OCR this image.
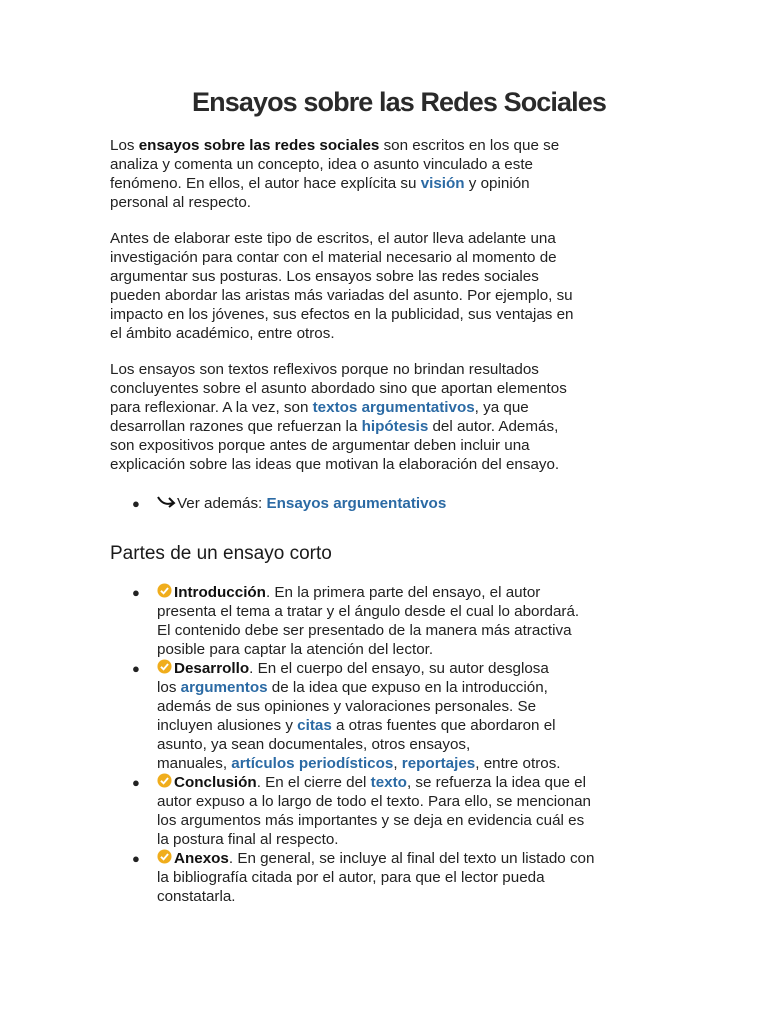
Ensayos sobre las Redes Sociales

Los ensayos sobre las redes sociales son escritos en los que se
analiza y comenta un concepto, idea o asunto vinculado a este
fenómeno. En ellos, el autor hace explícita su visión y opinión
personal al respecto.

Antes de elaborar este tipo de escritos, el autor lleva adelante una
investigación para contar con el material necesario al momento de
argumentar sus posturas. Los ensayos sobre las redes sociales
pueden abordar las aristas más variadas del asunto. Por ejemplo, su
impacto en los jóvenes, sus efectos en la publicidad, sus ventajas en
el ámbito académico, entre otros.

Los ensayos son textos reflexivos porque no brindan resultados
concluyentes sobre el asunto abordado sino que aportan elementos
para reflexionar. A la vez, son textos argumentativos, ya que
desarrollan razones que refuerzan la hipótesis del autor. Además,
son expositivos porque antes de argumentar deben incluir una
explicación sobre las ideas que motivan la elaboración del ensayo.

● Ver además: Ensayos argumentativos
Partes de un ensayo corto
●	Introducción. En la primera parte del ensayo, el autor
presenta el tema a tratar y el ángulo desde el cual lo abordará.
El contenido debe ser presentado de la manera más atractiva
posible para captar la atención del lector.
●	Desarrollo. En el cuerpo del ensayo, su autor desglosa
los argumentos de la idea que expuso en la introducción,
además de sus opiniones y valoraciones personales. Se
incluyen alusiones y citas a otras fuentes que abordaron el
asunto, ya sean documentales, otros ensayos,
manuales, artículos periodísticos, reportajes, entre otros.
●	Conclusión. En el cierre del texto, se refuerza la idea que el
autor expuso a lo largo de todo el texto. Para ello, se mencionan
los argumentos más importantes y se deja en evidencia cuál es
la postura final al respecto.
●	Anexos. En general, se incluye al final del texto un listado con
la bibliografía citada por el autor, para que el lector pueda
constatarla.
